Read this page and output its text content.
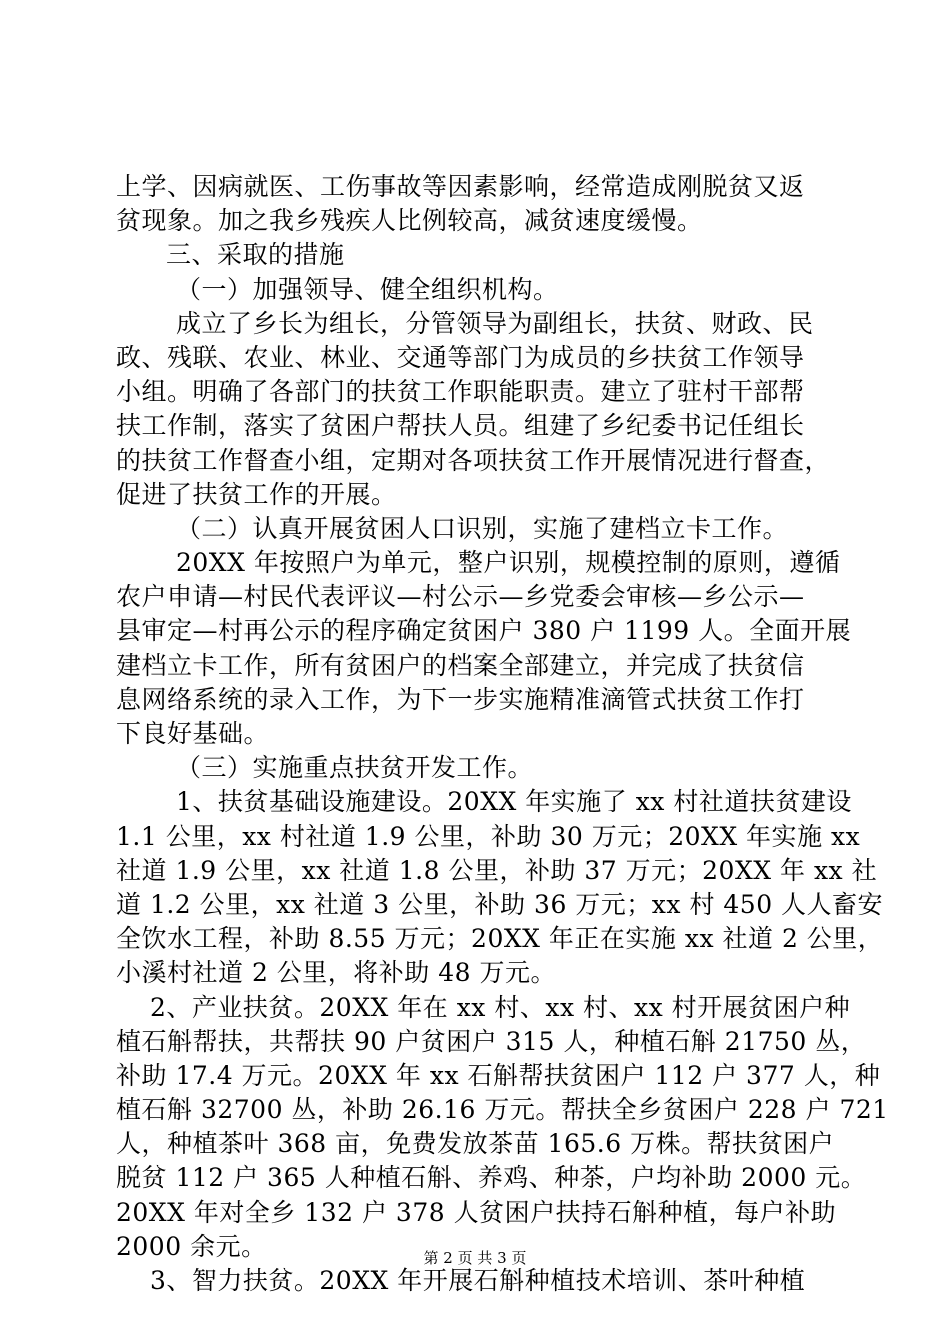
上学、因病就医、工伤事故等因素影响，经常造成刚脱贫又返
贫现象。加之我乡残疾人比例较高，减贫速度缓慢。
三、采取的措施
（一）加强领导、健全组织机构。
成立了乡长为组长，分管领导为副组长，扶贫、财政、民
政、残联、农业、林业、交通等部门为成员的乡扶贫工作领导
小组。明确了各部门的扶贫工作职能职责。建立了驻村干部帮
扶工作制，落实了贫困户帮扶人员。组建了乡纪委书记任组长
的扶贫工作督查小组，定期对各项扶贫工作开展情况进行督查，
促进了扶贫工作的开展。
（二）认真开展贫困人口识别，实施了建档立卡工作。
20XX 年按照户为单元，整户识别，规模控制的原则，遵循
农户申请—村民代表评议—村公示—乡党委会审核—乡公示—
县审定—村再公示的程序确定贫困户 380 户 1199 人。全面开展
建档立卡工作，所有贫困户的档案全部建立，并完成了扶贫信
息网络系统的录入工作，为下一步实施精准滴管式扶贫工作打
下良好基础。
（三）实施重点扶贫开发工作。
1、扶贫基础设施建设。20XX 年实施了 xx 村社道扶贫建设
1.1 公里，xx 村社道 1.9 公里，补助 30 万元；20XX 年实施 xx
社道 1.9 公里，xx 社道 1.8 公里，补助 37 万元；20XX 年 xx 社
道 1.2 公里，xx 社道 3 公里，补助 36 万元；xx 村 450 人人畜安
全饮水工程，补助 8.55 万元；20XX 年正在实施 xx 社道 2 公里，
小溪村社道 2 公里，将补助 48 万元。
2、产业扶贫。20XX 年在 xx 村、xx 村、xx 村开展贫困户种
植石斛帮扶，共帮扶 90 户贫困户 315 人，种植石斛 21750 丛，
补助 17.4 万元。20XX 年 xx 石斛帮扶贫困户 112 户 377 人，种
植石斛 32700 丛，补助 26.16 万元。帮扶全乡贫困户 228 户 721
人，种植茶叶 368 亩，免费发放茶苗 165.6 万株。帮扶贫困户
脱贫 112 户 365 人种植石斛、养鸡、种茶，户均补助 2000 元。
20XX 年对全乡 132 户 378 人贫困户扶持石斛种植，每户补助
2000 余元。
3、智力扶贫。20XX 年开展石斛种植技术培训、茶叶种植
第 2 页 共 3 页
